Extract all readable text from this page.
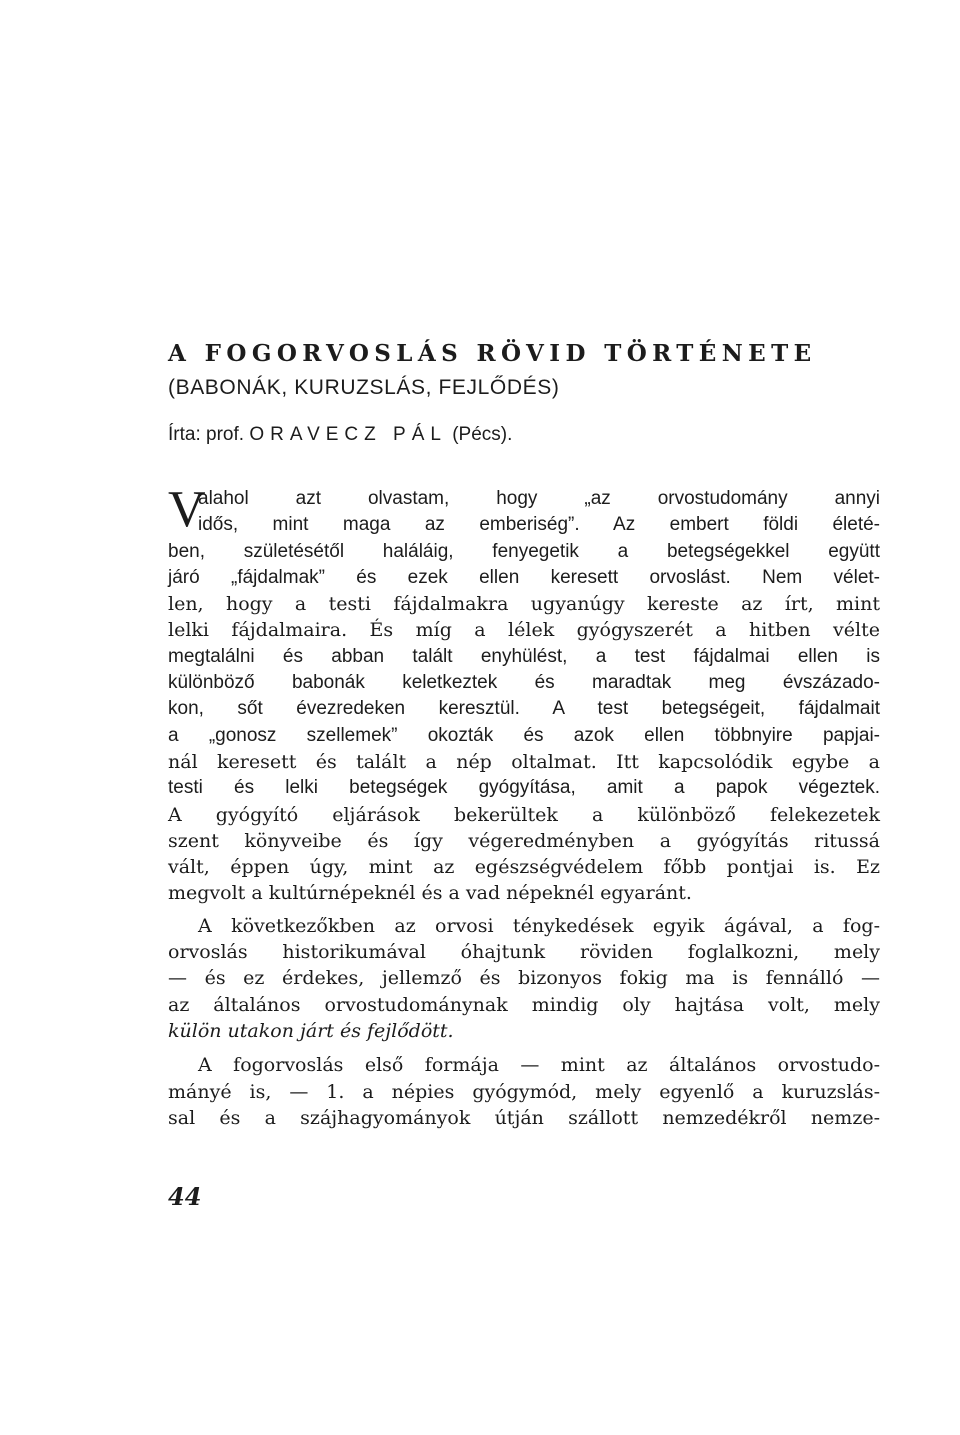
A FOGORVOSLÁS RÖVID TÖRTÉNETE
(BABONÁK, KURUZSLÁS, FEJLŐDÉS)
Írta: prof. ORAVECZ PÁL (Pécs).
V
alahol azt olvastam, hogy „az orvostudomány annyi
idős, mint maga az emberiség”. Az embert földi életé-
ben, születésétől haláláig, fenyegetik a betegségekkel együtt
járó „fájdalmak” és ezek ellen keresett orvoslást. Nem vélet-
len, hogy a testi fájdalmakra ugyanúgy kereste az írt, mint
lelki fájdalmaira. És míg a lélek gyógyszerét a hitben vélte
megtalálni és abban talált enyhülést, a test fájdalmai ellen is
különböző babonák keletkeztek és maradtak meg évszázado-
kon, sőt évezredeken keresztül. A test betegségeit, fájdalmait
a „gonosz szellemek” okozták és azok ellen többnyire papjai-
nál keresett és talált a nép oltalmat. Itt kapcsolódik egybe a
testi és lelki betegségek gyógyítása, amit a papok végeztek.
A gyógyító eljárások bekerültek a különböző felekezetek
szent könyveibe és így végeredményben a gyógyítás ritussá
vált, éppen úgy, mint az egészségvédelem főbb pontjai is. Ez
megvolt a kultúrnépeknél és a vad népeknél egyaránt.
A következőkben az orvosi ténykedések egyik ágával, a fog-
orvoslás historikumával óhajtunk röviden foglalkozni, mely
— és ez érdekes, jellemző és bizonyos fokig ma is fennálló —
az általános orvostudománynak mindig oly hajtása volt, mely
külön utakon járt és fejlődött.
A fogorvoslás első formája — mint az általános orvostudo-
mányé is, — 1. a népies gyógymód, mely egyenlő a kuruzslás-
sal és a szájhagyományok útján szállott nemzedékről nemze-
44
